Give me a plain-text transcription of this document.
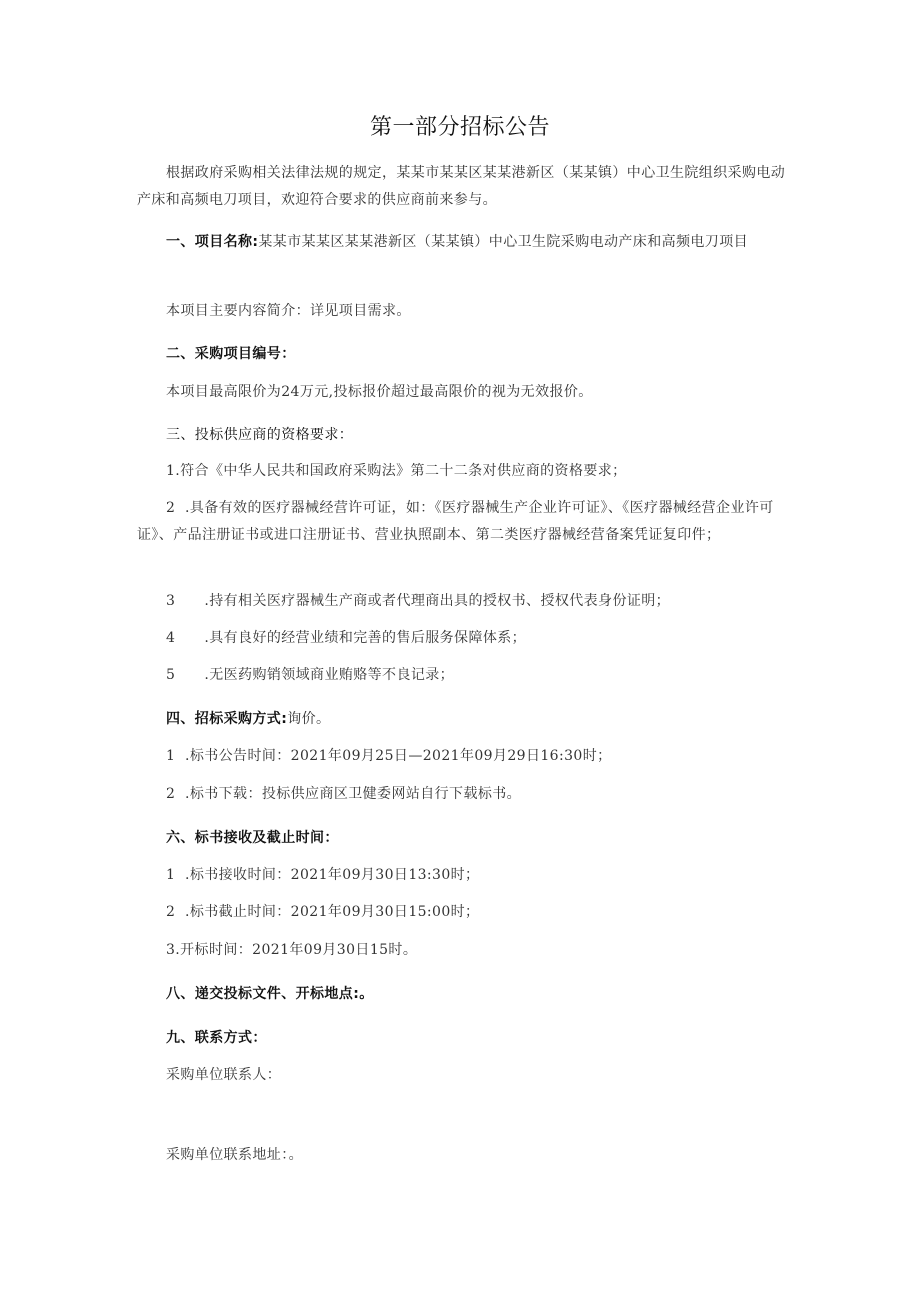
第一部分招标公告
根据政府采购相关法律法规的规定，某某市某某区某某港新区（某某镇）中心卫生院组织采购电动产床和高频电刀项目，欢迎符合要求的供应商前来参与。
一、项目名称:某某市某某区某某港新区（某某镇）中心卫生院采购电动产床和高频电刀项目
本项目主要内容简介：详见项目需求。
二、采购项目编号：
本项目最高限价为24万元,投标报价超过最高限价的视为无效报价。
三、投标供应商的资格要求：
1.符合《中华人民共和国政府采购法》第二十二条对供应商的资格要求；
2  .具备有效的医疗器械经营许可证，如：《医疗器械生产企业许可证》、《医疗器械经营企业许可证》、产品注册证书或进口注册证书、营业执照副本、第二类医疗器械经营备案凭证复印件；
3      .持有相关医疗器械生产商或者代理商出具的授权书、授权代表身份证明；
4      .具有良好的经营业绩和完善的售后服务保障体系；
5      .无医药购销领域商业贿赂等不良记录；
四、招标采购方式:询价。
1  .标书公告时间：2021年09月25日—2021年09月29日16:30时；
2  .标书下载：投标供应商区卫健委网站自行下载标书。
六、标书接收及截止时间：
1  .标书接收时间：2021年09月30日13:30时；
2  .标书截止时间：2021年09月30日15:00时；
3.开标时间：2021年09月30日15时。
八、递交投标文件、开标地点:。
九、联系方式：
采购单位联系人：
采购单位联系地址：。
